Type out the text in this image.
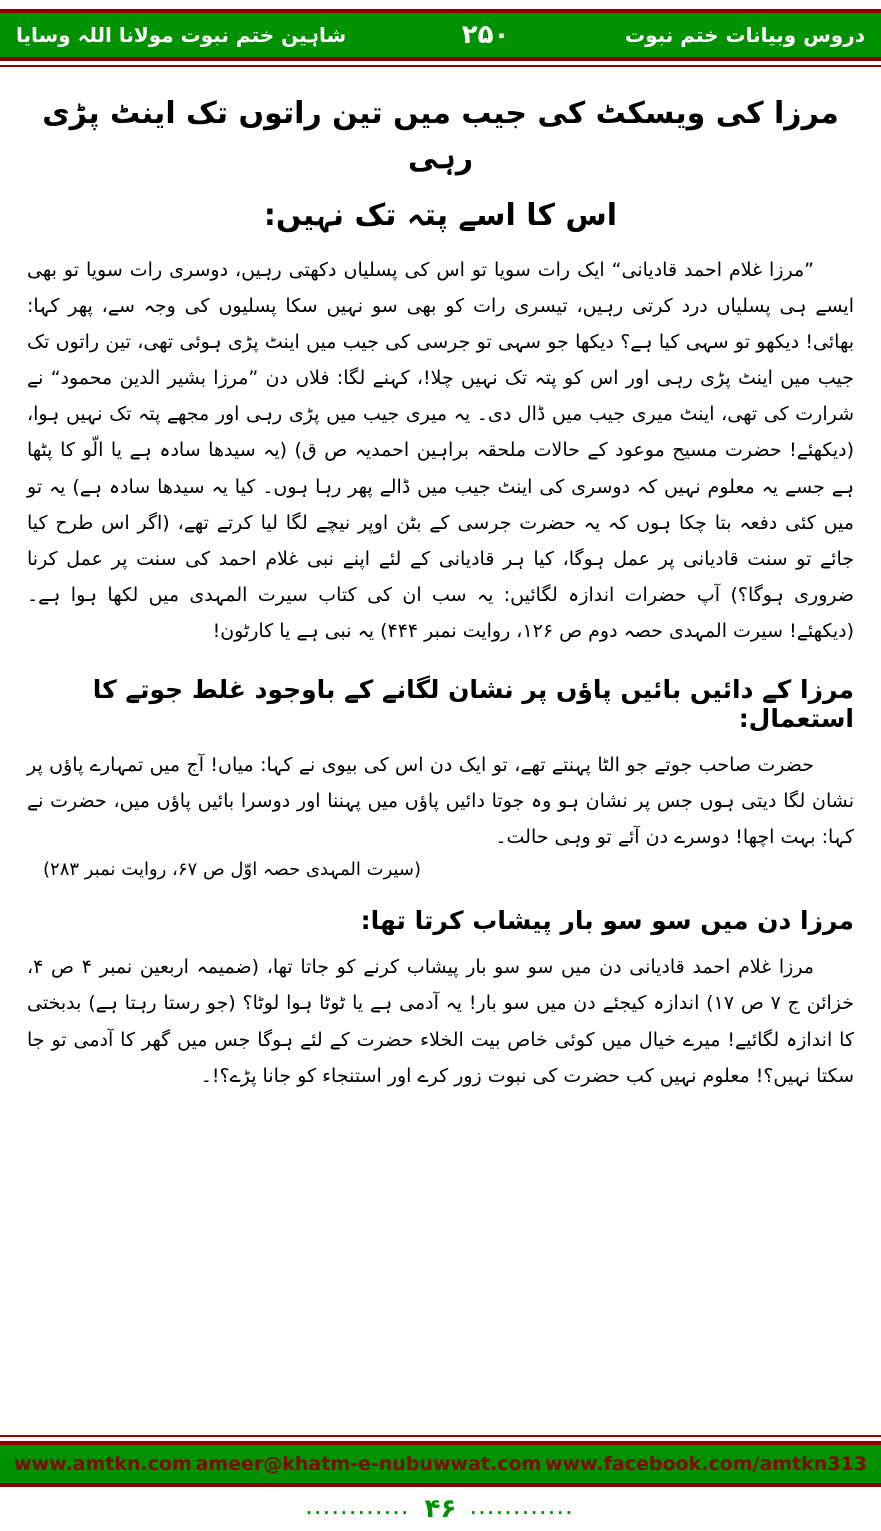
دروس وبیانات ختم نبوت
۲۵۰
شاہین ختم نبوت مولانا اللہ وسایا
مرزا کی ویسکٹ کی جیب میں تین راتوں تک اینٹ پڑی رہی
اس کا اسے پتہ تک نہیں:

”مرزا غلام احمد قادیانی“ ایک رات سویا تو اس کی پسلیاں دکھتی رہیں، دوسری رات سویا تو بھی ایسے ہی پسلیاں درد کرتی رہیں، تیسری رات کو بھی سو نہیں سکا پسلیوں کی وجہ سے، پھر کہا: بھائی! دیکھو تو سہی کیا ہے؟ دیکھا جو سہی تو جرسی کی جیب میں اینٹ پڑی ہوئی تھی، تین راتوں تک جیب میں اینٹ پڑی رہی اور اس کو پتہ تک نہیں چلا!، کہنے لگا: فلاں دن ”مرزا بشیر الدین محمود“ نے شرارت کی تھی، اینٹ میری جیب میں ڈال دی۔ یہ میری جیب میں پڑی رہی اور مجھے پتہ تک نہیں ہوا، (دیکھئے! حضرت مسیح موعود کے حالات ملحقہ براہین احمدیہ ص ق) (یہ سیدھا سادہ ہے یا الّو کا پٹھا ہے جسے یہ معلوم نہیں کہ دوسری کی اینٹ جیب میں ڈالے پھر رہا ہوں۔ کیا یہ سیدھا سادہ ہے) یہ تو میں کئی دفعہ بتا چکا ہوں کہ یہ حضرت جرسی کے بٹن اوپر نیچے لگا لیا کرتے تھے، (اگر اس طرح کیا جائے تو سنت قادیانی پر عمل ہوگا، کیا ہر قادیانی کے لئے اپنے نبی غلام احمد کی سنت پر عمل کرنا ضروری ہوگا؟) آپ حضرات اندازہ لگائیں: یہ سب ان کی کتاب سیرت المہدی میں لکھا ہوا ہے۔ (دیکھئے! سیرت المہدی حصہ دوم ص ۱۲۶، روایت نمبر ۴۴۴) یہ نبی ہے یا کارٹون!

مرزا کے دائیں بائیں پاؤں پر نشان لگانے کے باوجود غلط جوتے کا استعمال:

حضرت صاحب جوتے جو الٹا پہنتے تھے، تو ایک دن اس کی بیوی نے کہا: میاں! آج میں تمہارے پاؤں پر نشان لگا دیتی ہوں جس پر نشان ہو وہ جوتا دائیں پاؤں میں پہننا اور دوسرا بائیں پاؤں میں، حضرت نے کہا: بہت اچھا! دوسرے دن آئے تو وہی حالت۔

(سیرت المہدی حصہ اوّل ص ۶۷، روایت نمبر ۲۸۳)

مرزا دن میں سو سو بار پیشاب کرتا تھا:

مرزا غلام احمد قادیانی دن میں سو سو بار پیشاب کرنے کو جاتا تھا، (ضمیمہ اربعین نمبر ۴ ص ۴، خزائن ج ۷ ص ۱۷) اندازہ کیجئے دن میں سو بار! یہ آدمی ہے یا ٹوٹا ہوا لوٹا؟ (جو رستا رہتا ہے) بدبختی کا اندازہ لگائیے! میرے خیال میں کوئی خاص بیت الخلاء حضرت کے لئے ہوگا جس میں گھر کا آدمی تو جا سکتا نہیں؟! معلوم نہیں کب حضرت کی نبوت زور کرے اور استنجاء کو جانا پڑے؟!۔

www.amtkn.com ameer@khatm-e-nubuwwat.com www.facebook.com/amtkn313
............
۴۶
............
